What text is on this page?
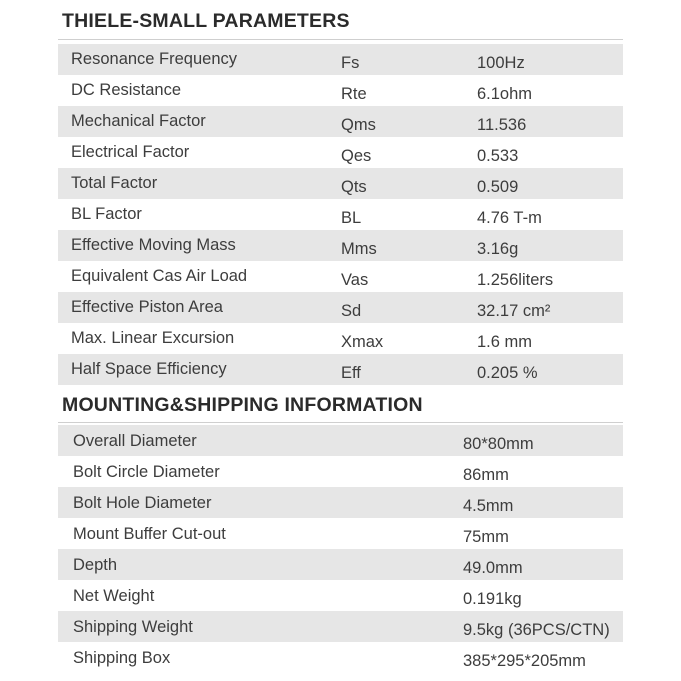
THIELE-SMALL PARAMETERS
Resonance Frequency	Fs	100Hz
DC Resistance	Rte	6.1ohm
Mechanical Factor	Qms	11.536
Electrical Factor	Qes	0.533
Total Factor	Qts	0.509
BL Factor	BL	4.76 T-m
Effective Moving Mass	Mms	3.16g
Equivalent Cas Air Load	Vas	1.256liters
Effective Piston Area	Sd	32.17 cm²
Max. Linear Excursion	Xmax	1.6 mm
Half Space Efficiency	Eff	0.205 %
MOUNTING&SHIPPING INFORMATION
Overall Diameter	80*80mm
Bolt Circle Diameter	86mm
Bolt Hole Diameter	4.5mm
Mount Buffer Cut-out	75mm
Depth	49.0mm
Net Weight	0.191kg
Shipping Weight	9.5kg (36PCS/CTN)
Shipping Box	385*295*205mm
